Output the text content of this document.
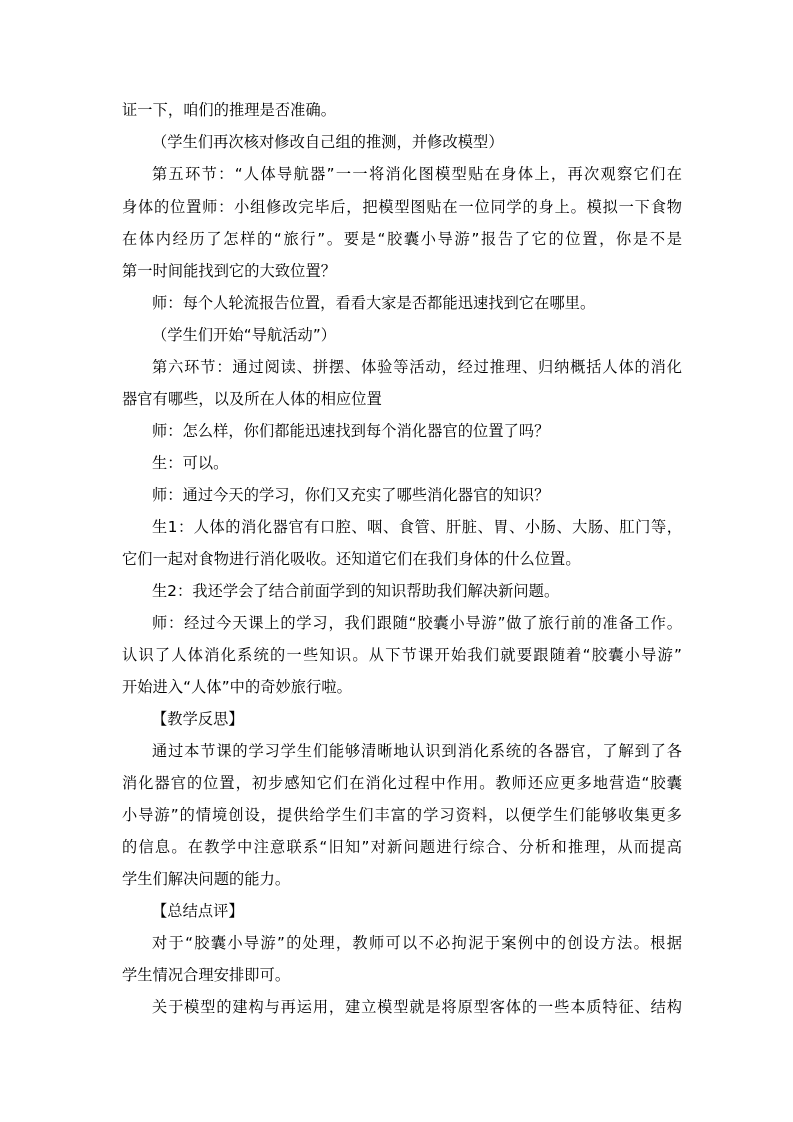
证一下，咱们的推理是否准确。
（学生们再次核对修改自己组的推测，并修改模型）
第五环节：“人体导航器”一一将消化图模型贴在身体上，再次观察它们在
身体的位置师：小组修改完毕后，把模型图贴在一位同学的身上。模拟一下食物
在体内经历了怎样的“旅行”。要是“胶囊小导游”报告了它的位置，你是不是
第一时间能找到它的大致位置？
师：每个人轮流报告位置，看看大家是否都能迅速找到它在哪里。
（学生们开始“导航活动”）
第六环节：通过阅读、拼摆、体验等活动，经过推理、归纳概括人体的消化
器官有哪些，以及所在人体的相应位置
师：怎么样，你们都能迅速找到每个消化器官的位置了吗？
生：可以。
师：通过今天的学习，你们又充实了哪些消化器官的知识？
生1：人体的消化器官有口腔、咽、食管、肝脏、胃、小肠、大肠、肛门等，
它们一起对食物进行消化吸收。还知道它们在我们身体的什么位置。
生2：我还学会了结合前面学到的知识帮助我们解决新问题。
师：经过今天课上的学习，我们跟随“胶囊小导游”做了旅行前的准备工作。
认识了人体消化系统的一些知识。从下节课开始我们就要跟随着“胶囊小导游”
开始进入“人体”中的奇妙旅行啦。
【教学反思】
通过本节课的学习学生们能够清晰地认识到消化系统的各器官，了解到了各
消化器官的位置，初步感知它们在消化过程中作用。教师还应更多地营造“胶囊
小导游”的情境创设，提供给学生们丰富的学习资料，以便学生们能够收集更多
的信息。在教学中注意联系“旧知”对新问题进行综合、分析和推理，从而提高
学生们解决问题的能力。
【总结点评】
对于“胶囊小导游”的处理，教师可以不必拘泥于案例中的创设方法。根据
学生情况合理安排即可。
关于模型的建构与再运用，建立模型就是将原型客体的一些本质特征、结构
